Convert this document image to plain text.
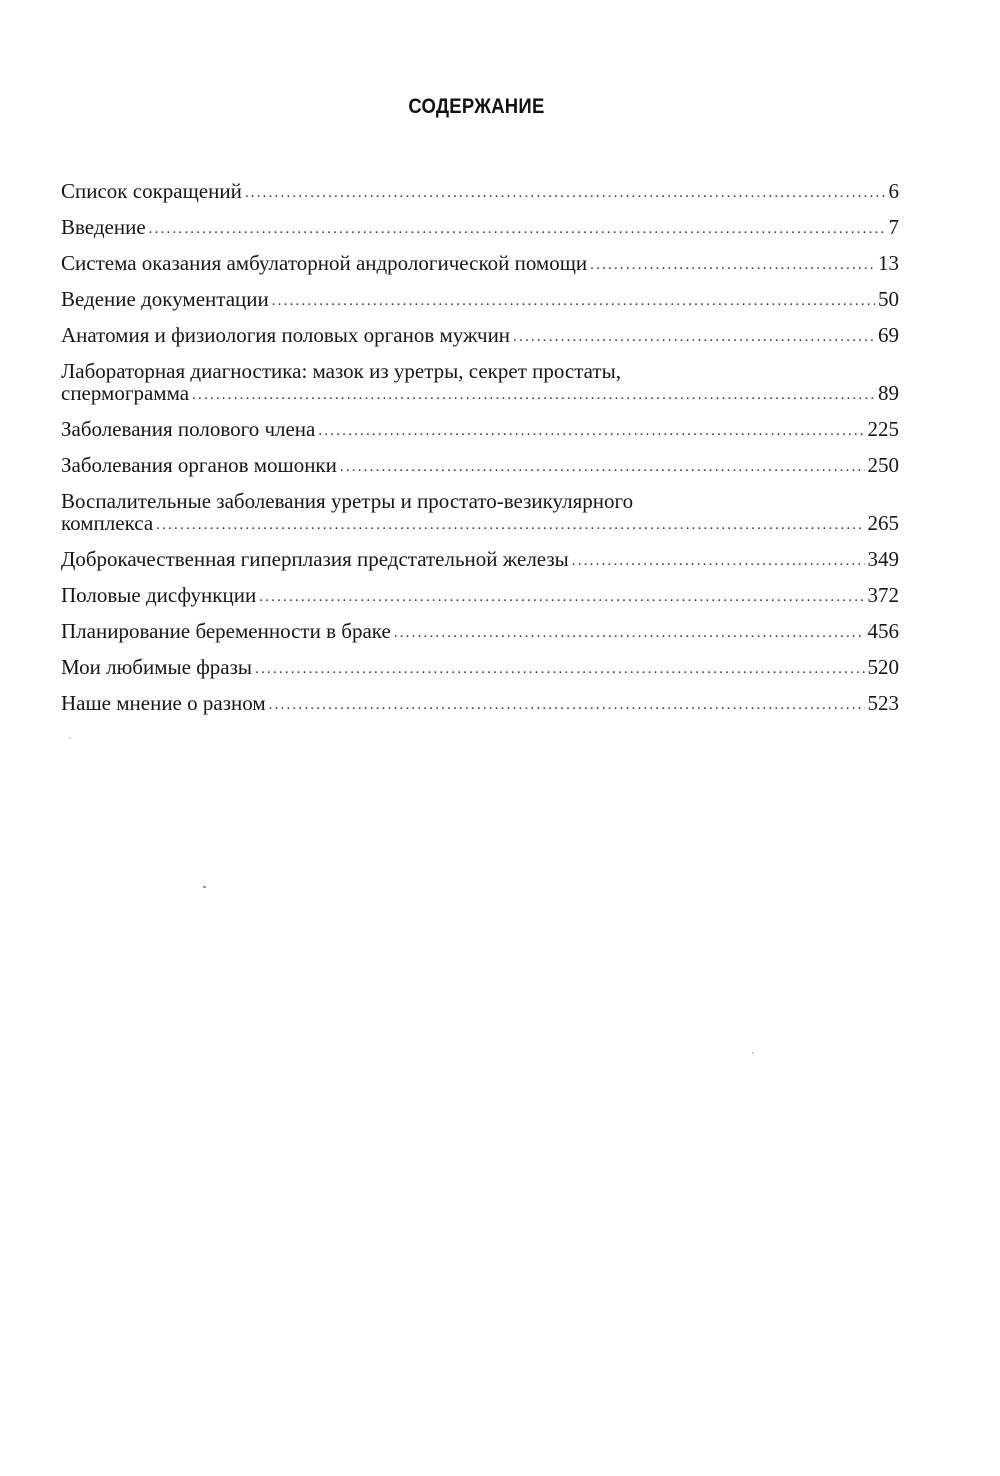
СОДЕРЖАНИЕ
Список сокращений .....	6
Введение .....	7
Система оказания амбулаторной андрологической помощи .....	13
Ведение документации .....	50
Анатомия и физиология половых органов мужчин .....	69
Лабораторная диагностика: мазок из уретры, секрет простаты,
спермограмма .....	89
Заболевания полового члена .....	225
Заболевания органов мошонки .....	250
Воспалительные заболевания уретры и простато-везикулярного
комплекса .....	265
Доброкачественная гиперплазия предстательной железы .....	349
Половые дисфункции .....	372
Планирование беременности в браке .....	456
Мои любимые фразы .....	520
Наше мнение о разном .....	523
